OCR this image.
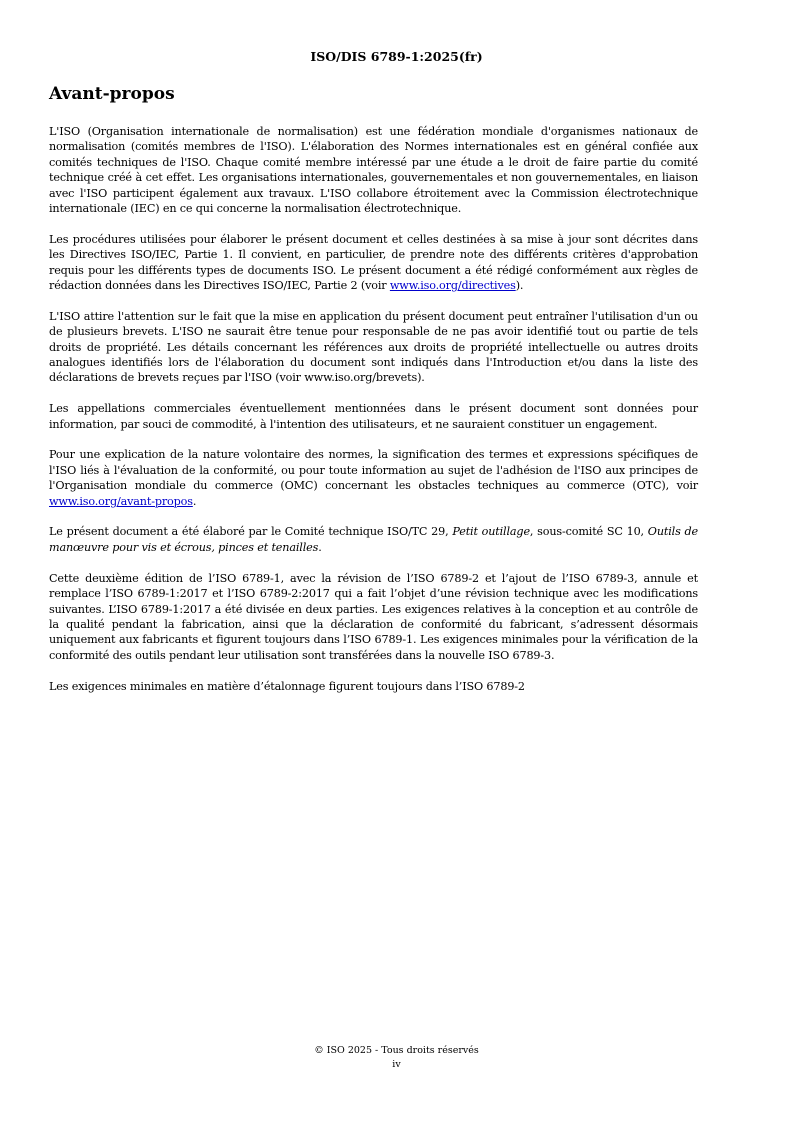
ISO/DIS 6789-1:2025(fr)
Avant-propos

L'ISO (Organisation internationale de normalisation) est une fédération mondiale d'organismes nationaux de normalisation (comités membres de l'ISO). L'élaboration des Normes internationales est en général confiée aux comités techniques de l'ISO. Chaque comité membre intéressé par une étude a le droit de faire partie du comité technique créé à cet effet. Les organisations internationales, gouvernementales et non gouvernementales, en liaison avec l'ISO participent également aux travaux. L'ISO collabore étroitement avec la Commission électrotechnique internationale (IEC) en ce qui concerne la normalisation électrotechnique.

Les procédures utilisées pour élaborer le présent document et celles destinées à sa mise à jour sont décrites dans les Directives ISO/IEC, Partie 1. Il convient, en particulier, de prendre note des différents critères d'approbation requis pour les différents types de documents ISO. Le présent document a été rédigé conformément aux règles de rédaction données dans les Directives ISO/IEC, Partie 2 (voir www.iso.org/directives).

L'ISO attire l'attention sur le fait que la mise en application du présent document peut entraîner l'utilisation d'un ou de plusieurs brevets. L'ISO ne saurait être tenue pour responsable de ne pas avoir identifié tout ou partie de tels droits de propriété. Les détails concernant les références aux droits de propriété intellectuelle ou autres droits analogues identifiés lors de l'élaboration du document sont indiqués dans l'Introduction et/ou dans la liste des déclarations de brevets reçues par l'ISO (voir www.iso.org/brevets).

Les appellations commerciales éventuellement mentionnées dans le présent document sont données pour information, par souci de commodité, à l'intention des utilisateurs, et ne sauraient constituer un engagement.

Pour une explication de la nature volontaire des normes, la signification des termes et expressions spécifiques de l'ISO liés à l'évaluation de la conformité, ou pour toute information au sujet de l'adhésion de l'ISO aux principes de l'Organisation mondiale du commerce (OMC) concernant les obstacles techniques au commerce (OTC), voir www.iso.org/avant-propos.

Le présent document a été élaboré par le Comité technique ISO/TC 29, Petit outillage, sous-comité SC 10, Outils de manœuvre pour vis et écrous, pinces et tenailles.

Cette deuxième édition de l’ISO 6789-1, avec la révision de l’ISO 6789-2 et l’ajout de l’ISO 6789-3, annule et remplace l’ISO 6789-1:2017 et l’ISO 6789-2:2017 qui a fait l’objet d’une révision technique avec les modifications suivantes. L’ISO 6789-1:2017 a été divisée en deux parties. Les exigences relatives à la conception et au contrôle de la qualité pendant la fabrication, ainsi que la déclaration de conformité du fabricant, s’adressent désormais uniquement aux fabricants et figurent toujours dans l’ISO 6789-1. Les exigences minimales pour la vérification de la conformité des outils pendant leur utilisation sont transférées dans la nouvelle ISO 6789-3.

Les exigences minimales en matière d’étalonnage figurent toujours dans l’ISO 6789-2

© ISO 2025 - Tous droits réservés
iv
